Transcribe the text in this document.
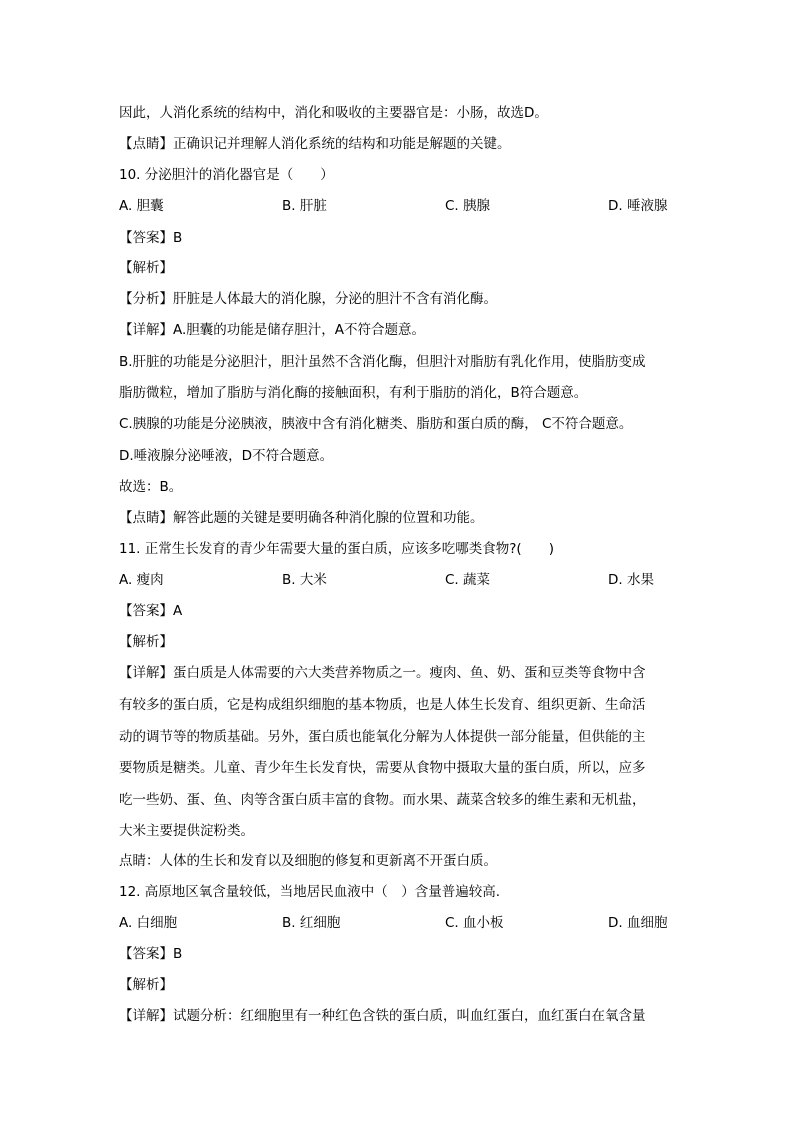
因此，人消化系统的结构中，消化和吸收的主要器官是：小肠，故选D。
【点睛】正确识记并理解人消化系统的结构和功能是解题的关键。
10. 分泌胆汁的消化器官是（　　）
A. 胆囊	B. 肝脏	C. 胰腺	D. 唾液腺
【答案】B
【解析】
【分析】肝脏是人体最大的消化腺，分泌的胆汁不含有消化酶。
【详解】A.胆囊的功能是储存胆汁，A不符合题意。
B.肝脏的功能是分泌胆汁，胆汁虽然不含消化酶，但胆汁对脂肪有乳化作用，使脂肪变成
脂肪微粒，增加了脂肪与消化酶的接触面积，有利于脂肪的消化，B符合题意。
C.胰腺的功能是分泌胰液，胰液中含有消化糖类、脂肪和蛋白质的酶， C不符合题意。
D.唾液腺分泌唾液，D不符合题意。
故选：B。
【点睛】解答此题的关键是要明确各种消化腺的位置和功能。
11. 正常生长发育的青少年需要大量的蛋白质，应该多吃哪类食物?(　　)
A. 瘦肉	B. 大米	C. 蔬菜	D. 水果
【答案】A
【解析】
【详解】蛋白质是人体需要的六大类营养物质之一。瘦肉、鱼、奶、蛋和豆类等食物中含
有较多的蛋白质，它是构成组织细胞的基本物质，也是人体生长发育、组织更新、生命活
动的调节等的物质基础。另外，蛋白质也能氧化分解为人体提供一部分能量，但供能的主
要物质是糖类。儿童、青少年生长发育快，需要从食物中摄取大量的蛋白质，所以，应多
吃一些奶、蛋、鱼、肉等含蛋白质丰富的食物。而水果、蔬菜含较多的维生素和无机盐，
大米主要提供淀粉类。
点睛：人体的生长和发育以及细胞的修复和更新离不开蛋白质。
12. 高原地区氧含量较低，当地居民血液中（　）含量普遍较高.
A. 白细胞	B. 红细胞	C. 血小板	D. 血细胞
【答案】B
【解析】
【详解】试题分析：红细胞里有一种红色含铁的蛋白质，叫血红蛋白，血红蛋白在氧含量
